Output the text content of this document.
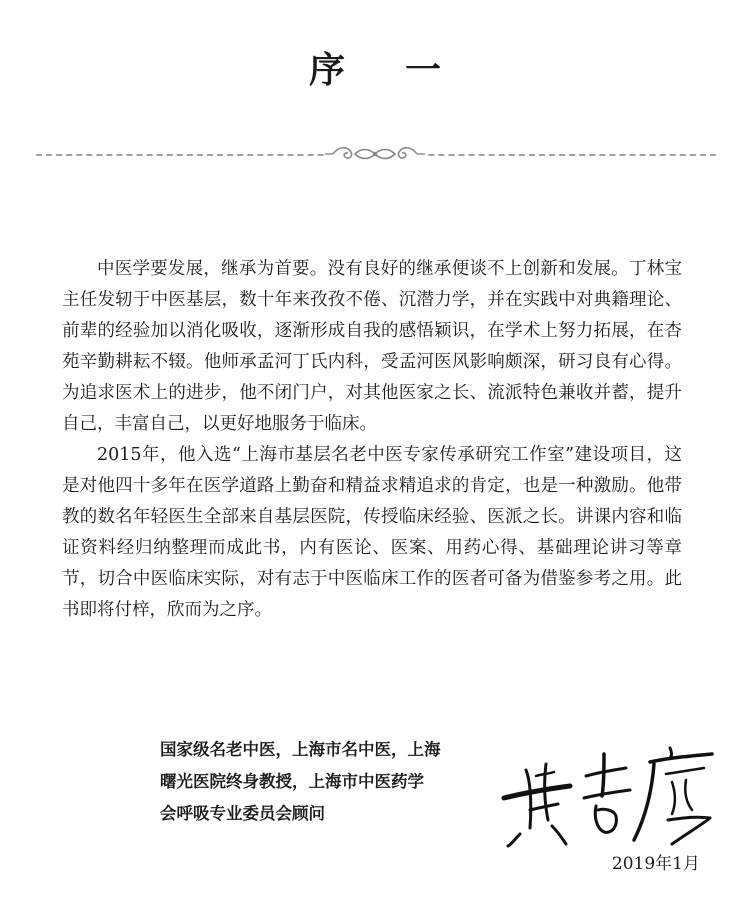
序一

中医学要发展，继承为首要。没有良好的继承便谈不上创新和发展。丁林宝主任发轫于中医基层，数十年来孜孜不倦、沉潜力学，并在实践中对典籍理论、前辈的经验加以消化吸收，逐渐形成自我的感悟颖识，在学术上努力拓展，在杏苑辛勤耕耘不辍。他师承孟河丁氏内科，受孟河医风影响颇深，研习良有心得。为追求医术上的进步，他不闭门户，对其他医家之长、流派特色兼收并蓄，提升自己，丰富自己，以更好地服务于临床。

2015年，他入选“上海市基层名老中医专家传承研究工作室”建设项目，这是对他四十多年在医学道路上勤奋和精益求精追求的肯定，也是一种激励。他带教的数名年轻医生全部来自基层医院，传授临床经验、医派之长。讲课内容和临证资料经归纳整理而成此书，内有医论、医案、用药心得、基础理论讲习等章节，切合中医临床实际，对有志于中医临床工作的医者可备为借鉴参考之用。此书即将付梓，欣而为之序。

国家级名老中医，上海市名中医，上海
曙光医院终身教授，上海市中医药学
会呼吸专业委员会顾问
2019年1月
